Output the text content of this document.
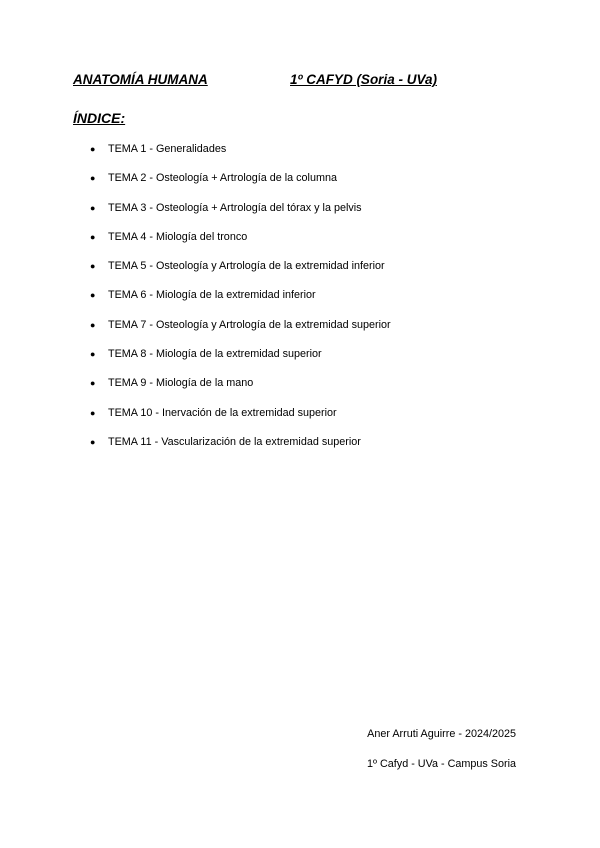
ANATOMÍA HUMANA	1º CAFYD (Soria - UVa)
ÍNDICE:
●	TEMA 1 - Generalidades
●	TEMA 2 - Osteología + Artrología de la columna
●	TEMA 3 - Osteología + Artrología del tórax y la pelvis
●	TEMA 4 - Miología del tronco
●	TEMA 5 - Osteología y Artrología de la extremidad inferior
●	TEMA 6 - Miología de la extremidad inferior
●	TEMA 7 - Osteología y Artrología de la extremidad superior
●	TEMA 8 - Miología de la extremidad superior
●	TEMA 9 - Miología de la mano
●	TEMA 10 - Inervación de la extremidad superior
●	TEMA 11 - Vascularización de la extremidad superior
Aner Arruti Aguirre - 2024/2025
1º Cafyd - UVa - Campus Soria
